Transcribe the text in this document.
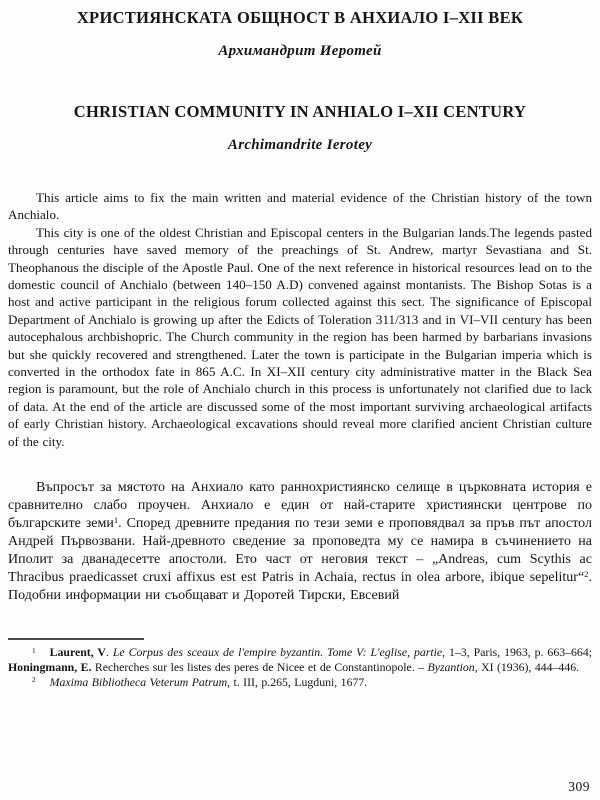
ХРИСТИЯНСКАТА ОБЩНОСТ В АНХИАЛО I–XII ВЕК
Архимандрит Иеротей
CHRISTIAN COMMUNITY IN ANHIALO I–XII CENTURY
Archimandrite Ierotey

This article aims to fix the main written and material evidence of the Christian history of the town Anchialo.

This city is one of the oldest Christian and Episcopal centers in the Bulgarian lands.The legends pasted through centuries have saved memory of the preachings of St. Andrew, martyr Sevastiana and St. Theophanous the disciple of the Apostle Paul. One of the next reference in historical resources lead on to the domestic council of Anchialo (between 140–150 A.D) convened against montanists. The Bishop Sotas is a host and active participant in the religious forum collected against this sect. The significance of Episcopal Department of Anchialo is growing up after the Edicts of Toleration 311/313 and in VI–VII century has been autocephalous archbishopric. The Church community in the region has been harmed by barbarians invasions but she quickly recovered and strengthened. Later the town is participate in the Bulgarian imperia which is converted in the orthodox fate in 865 A.C. In XI–XII century city administrative matter in the Black Sea region is paramount, but the role of Anchialo church in this process is unfortunately not clarified due to lack of data. At the end of the article are discussed some of the most important surviving archaeological artifacts of early Christian history. Archaeological excavations should reveal more clarified ancient Christian culture of the city.

Въпросът за мястото на Анхиало като раннохристиянско селище в църковната история е сравнително слабо проучен. Анхиало е един от най-старите християнски центрове по българските земи$^1$. Според древните предания по тези земи е проповядвал за пръв път апостол Андрей Първозвани. Най-древното сведение за проповедта му се намира в съчинението на Иполит за дванадесетте апостоли. Ето част от неговия текст – „Andreas, cum Scythis ac Thracibus praedicasset cruxi affixus est est Patris in Achaia, rectus in olea arbore, ibique sepelitur“$^2$. Подобни информации ни съобщават и Доротей Тирски, Евсевий

$^1$ Laurent, V. Le Corpus des sceaux de l'empire byzantin. Tome V: L'eglise, partie, 1–3, Paris, 1963, p. 663–664; Honingmann, E. Recherches sur les listes des peres de Nicee et de Constantinopole. – Byzantion, XI (1936), 444–446.

$^2$ Maxima Bibliotheca Veterum Patrum, t. III, p.265, Lugduni, 1677.

309
